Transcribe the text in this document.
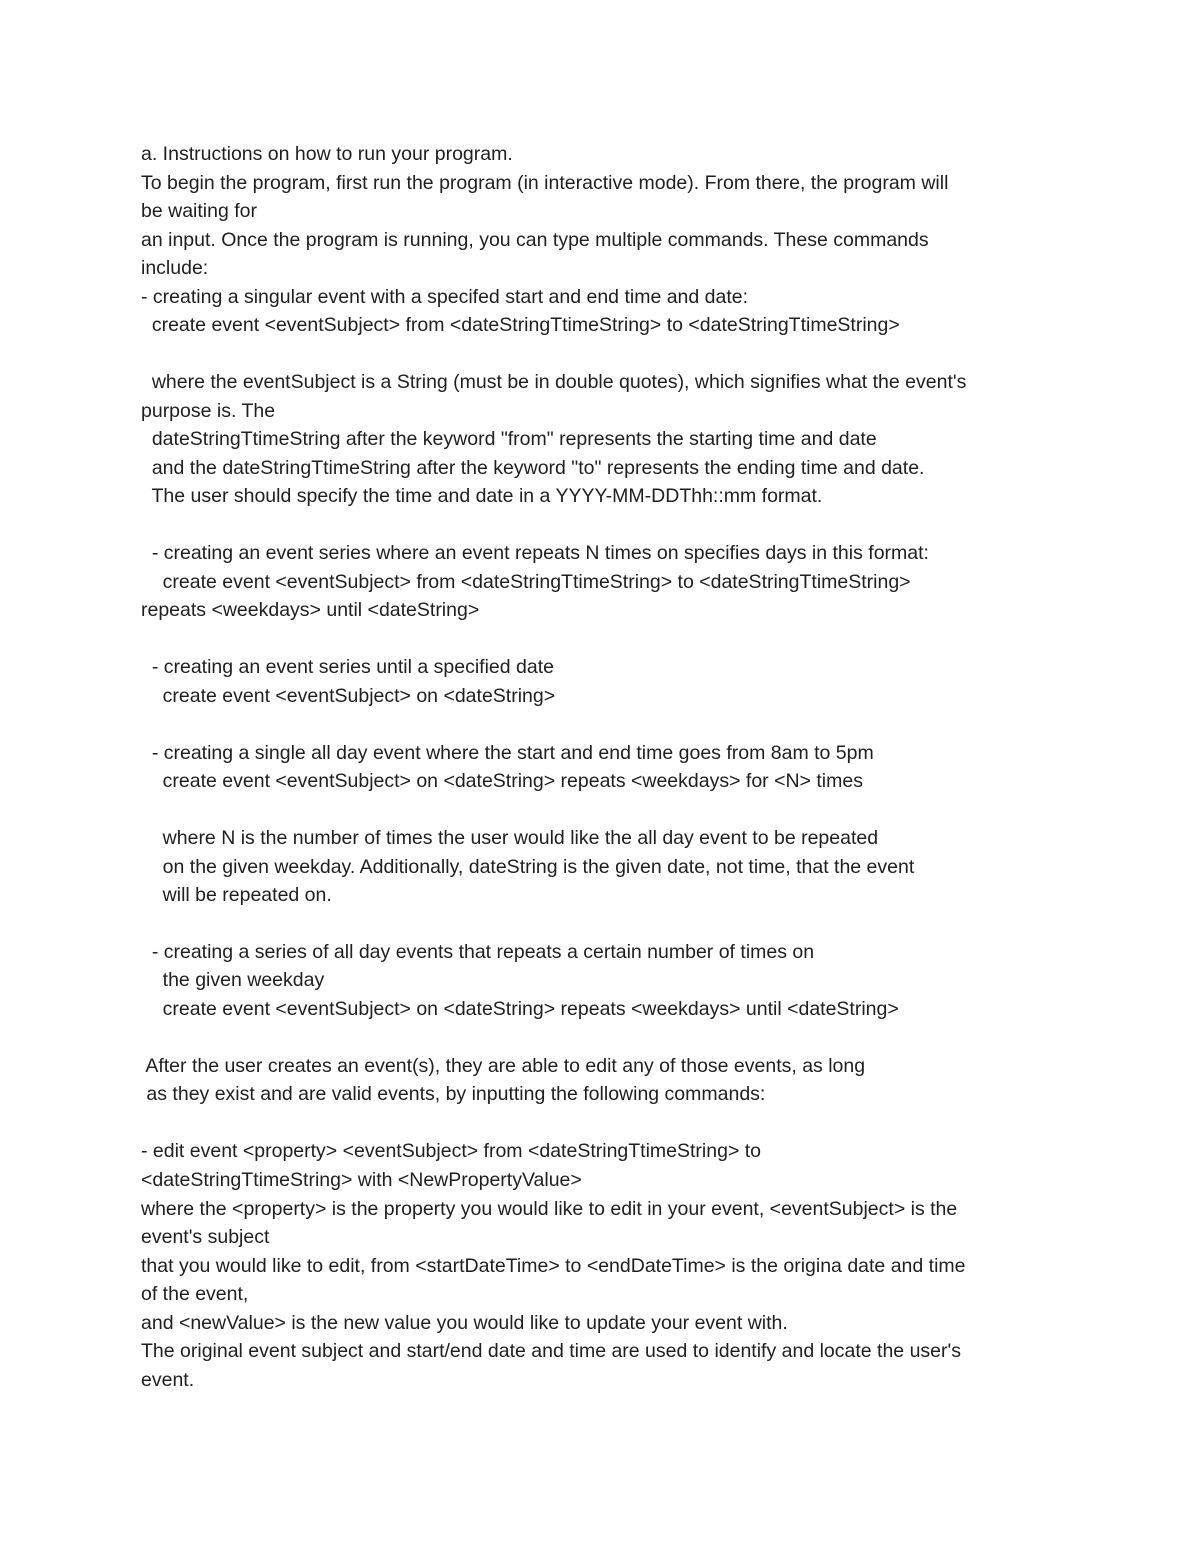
a. Instructions on how to run your program.
To begin the program, first run the program (in interactive mode). From there, the program will
be waiting for
an input. Once the program is running, you can type multiple commands. These commands
include:
- creating a singular event with a specifed start and end time and date:
create event <eventSubject> from <dateStringTtimeString> to <dateStringTtimeString>
where the eventSubject is a String (must be in double quotes), which signifies what the event's
purpose is. The
dateStringTtimeString after the keyword "from" represents the starting time and date
and the dateStringTtimeString after the keyword "to" represents the ending time and date.
The user should specify the time and date in a YYYY-MM-DDThh::mm format.
- creating an event series where an event repeats N times on specifies days in this format:
create event <eventSubject> from <dateStringTtimeString> to <dateStringTtimeString>
repeats <weekdays> until <dateString>
- creating an event series until a specified date
create event <eventSubject> on <dateString>
- creating a single all day event where the start and end time goes from 8am to 5pm
create event <eventSubject> on <dateString> repeats <weekdays> for <N> times
where N is the number of times the user would like the all day event to be repeated
on the given weekday. Additionally, dateString is the given date, not time, that the event
will be repeated on.
- creating a series of all day events that repeats a certain number of times on
the given weekday
create event <eventSubject> on <dateString> repeats <weekdays> until <dateString>
After the user creates an event(s), they are able to edit any of those events, as long
as they exist and are valid events, by inputting the following commands:
- edit event <property> <eventSubject> from <dateStringTtimeString> to
<dateStringTtimeString> with <NewPropertyValue>
where the <property> is the property you would like to edit in your event, <eventSubject> is the
event's subject
that you would like to edit, from <startDateTime> to <endDateTime> is the origina date and time
of the event,
and <newValue> is the new value you would like to update your event with.
The original event subject and start/end date and time are used to identify and locate the user's
event.
